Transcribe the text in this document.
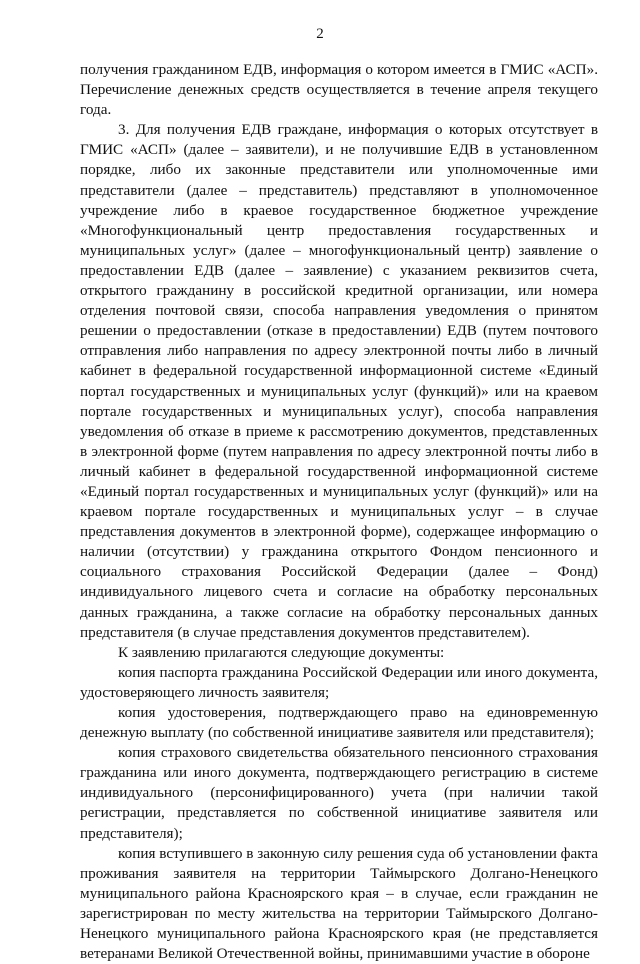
2

получения гражданином ЕДВ, информация о котором имеется в ГМИС «АСП». Перечисление денежных средств осуществляется в течение апреля текущего года.

3. Для получения ЕДВ граждане, информация о которых отсутствует в ГМИС «АСП» (далее – заявители), и не получившие ЕДВ в установленном порядке, либо их законные представители или уполномоченные ими представители (далее – представитель) представляют в уполномоченное учреждение либо в краевое государственное бюджетное учреждение «Многофункциональный центр предоставления государственных и муниципальных услуг» (далее – многофункциональный центр) заявление о предоставлении ЕДВ (далее – заявление) с указанием реквизитов счета, открытого гражданину в российской кредитной организации, или номера отделения почтовой связи, способа направления уведомления о принятом решении о предоставлении (отказе в предоставлении) ЕДВ (путем почтового отправления либо направления по адресу электронной почты либо в личный кабинет в федеральной государственной информационной системе «Единый портал государственных и муниципальных услуг (функций)» или на краевом портале государственных и муниципальных услуг), способа направления уведомления об отказе в приеме к рассмотрению документов, представленных в электронной форме (путем направления по адресу электронной почты либо в личный кабинет в федеральной государственной информационной системе «Единый портал государственных и муниципальных услуг (функций)» или на краевом портале государственных и муниципальных услуг – в случае представления документов в электронной форме), содержащее информацию о наличии (отсутствии) у гражданина открытого Фондом пенсионного и социального страхования Российской Федерации (далее – Фонд) индивидуального лицевого счета и согласие на обработку персональных данных гражданина, а также согласие на обработку персональных данных представителя (в случае представления документов представителем).

К заявлению прилагаются следующие документы:

копия паспорта гражданина Российской Федерации или иного документа, удостоверяющего личность заявителя;

копия удостоверения, подтверждающего право на единовременную денежную выплату (по собственной инициативе заявителя или представителя);

копия страхового свидетельства обязательного пенсионного страхования гражданина или иного документа, подтверждающего регистрацию в системе индивидуального (персонифицированного) учета (при наличии такой регистрации, представляется по собственной инициативе заявителя или представителя);

копия вступившего в законную силу решения суда об установлении факта проживания заявителя на территории Таймырского Долгано-Ненецкого муниципального района Красноярского края – в случае, если гражданин не зарегистрирован по месту жительства на территории Таймырского Долгано-Ненецкого муниципального района Красноярского края (не представляется ветеранами Великой Отечественной войны, принимавшими участие в обороне
